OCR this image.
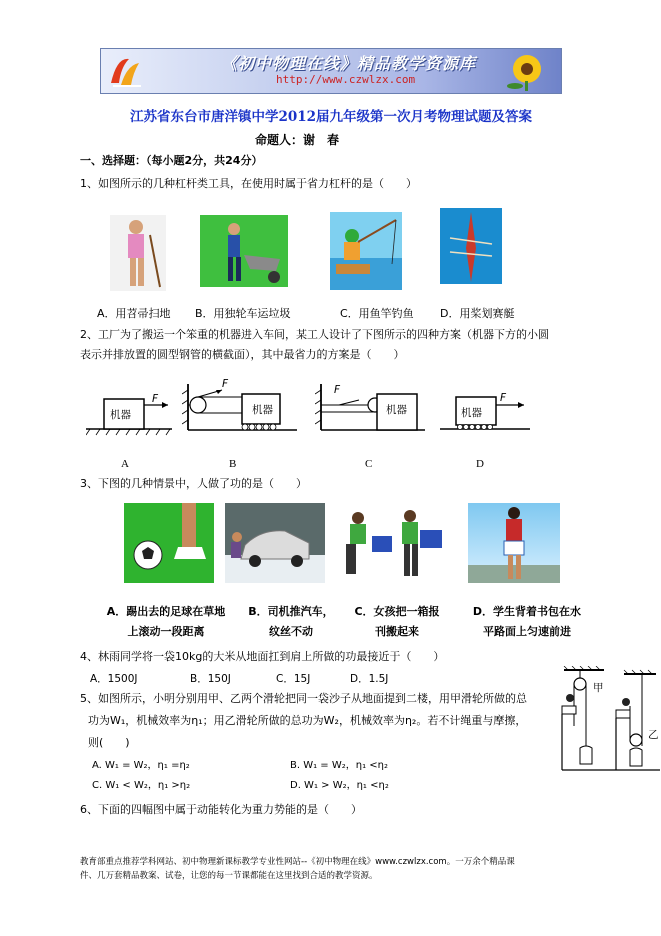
《初中物理在线》精品教学资源库
http://www.czwlzx.com
江苏省东台市唐洋镇中学2012届九年级第一次月考物理试题及答案
命题人：谢　春
一、选择题：（每小题2分，共24分）
1、如图所示的几种杠杆类工具，在使用时属于省力杠杆的是（　　）
A．用苕帚扫地 B．用独轮车运垃圾	C．用鱼竿钓鱼 D．用桨划赛艇
2、工厂为了搬运一个笨重的机器进入车间，某工人设计了下图所示的四种方案（机器下方的小圆
表示并排放置的圆型钢管的横截面），其中最省力的方案是（　　）
机器
F
机器
F
机器
F
机器
F
A	B	C	D
3、下图的几种情景中，人做了功的是（　　）
A．踢出去的足球在草地
上滚动一段距离
B．司机推汽车，
纹丝不动
C．女孩把一箱报
刊搬起来
D．学生背着书包在水
平路面上匀速前进
4、林雨同学将一袋10kg的大米从地面扛到肩上所做的功最接近于（　　）
A．1500J	B．150J	C．15J	D．1.5J
5、如图所示，小明分别用甲、乙两个滑轮把同一袋沙子从地面提到二楼，用甲滑轮所做的总
功为W₁，机械效率为η₁；用乙滑轮所做的总功为W₂，机械效率为η₂。若不计绳重与摩擦，
则(　　)
A. W₁ = W₂，η₁ =η₂	B. W₁ = W₂，η₁ <η₂
C. W₁ < W₂，η₁ >η₂	D. W₁ > W₂，η₁ <η₂
甲
乙
6、下面的四幅图中属于动能转化为重力势能的是（　　）
教育部重点推荐学科网站、初中物理新课标教学专业性网站--《初中物理在线》www.czwlzx.com。一万余个精品课
件、几万套精品教案、试卷，让您的每一节课都能在这里找到合适的教学资源。
